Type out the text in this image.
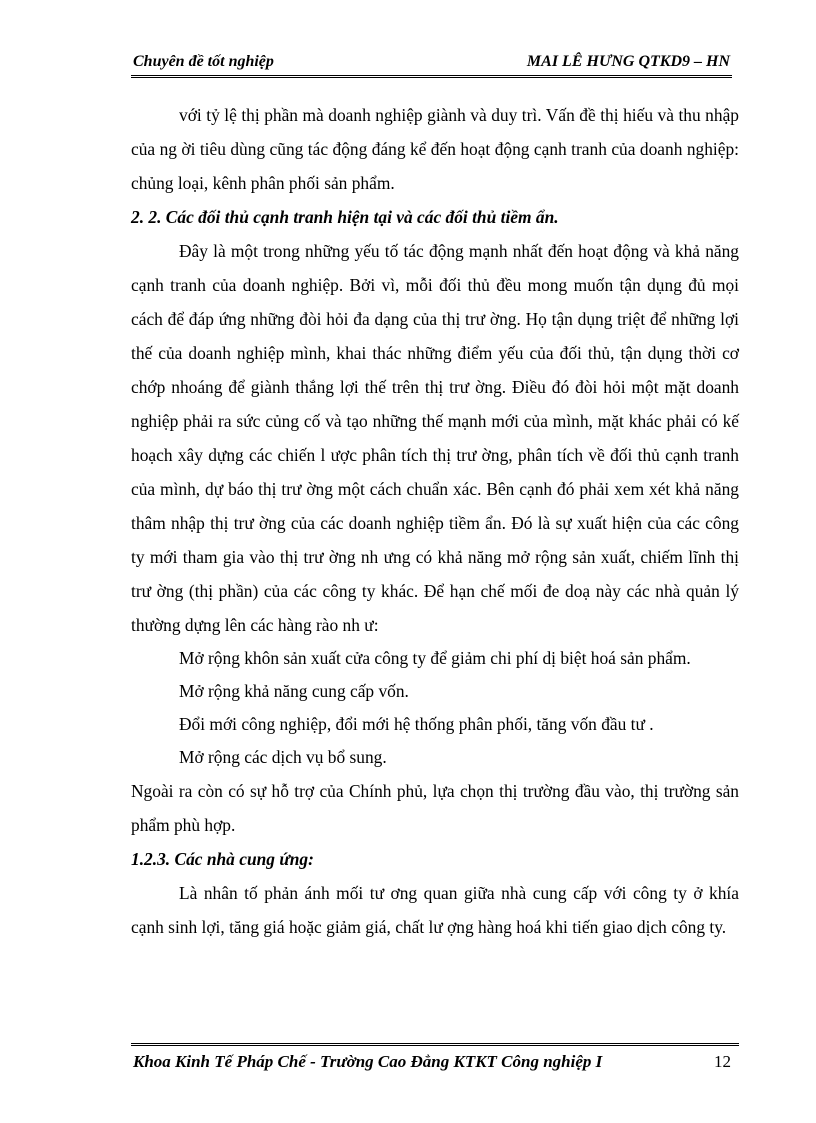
Chuyên đề tốt nghiệp	MAI LÊ HƯNG QTKD9 – HN

với tỷ lệ thị phần mà doanh nghiệp giành và duy trì. Vấn đề thị hiếu và thu nhập của ng ời tiêu dùng cũng tác động đáng kể đến hoạt động cạnh tranh của doanh nghiệp: chủng loại, kênh phân phối sản phẩm.

2. 2. Các đối thủ cạnh tranh hiện tại và các đối thủ tiềm ẩn.

Đây là một trong những yếu tố tác động mạnh nhất đến hoạt động và khả năng cạnh tranh của doanh nghiệp. Bởi vì, mỗi đối thủ đều mong muốn tận dụng đủ mọi cách để đáp ứng những đòi hỏi đa dạng của thị trư ờng. Họ tận dụng triệt để những lợi thế của doanh nghiệp mình, khai thác những điểm yếu của đối thủ, tận dụng thời cơ chớp nhoáng để giành thắng lợi thế trên thị trư ờng. Điều đó đòi hỏi một mặt doanh nghiệp phải ra sức củng cố và tạo những thế mạnh mới của mình, mặt khác phải có kế hoạch xây dựng các chiến l ược phân tích thị trư ờng, phân tích về đối thủ cạnh tranh của mình, dự báo thị trư ờng một cách chuẩn xác. Bên cạnh đó phải xem xét khả năng thâm nhập thị trư ờng của các doanh nghiệp tiềm ẩn. Đó là sự xuất hiện của các công ty mới tham gia vào thị trư ờng nh ưng có khả năng mở rộng sản xuất, chiếm lĩnh thị trư ờng (thị phần) của các công ty khác. Để hạn chế mối đe doạ này các nhà quản lý thường dựng lên các hàng rào nh ư:

Mở rộng khôn sản xuất cửa công ty để giảm chi phí dị biệt hoá sản phẩm.

Mở rộng khả năng cung cấp vốn.

Đổi mới công nghiệp, đổi mới hệ thống phân phối, tăng vốn đầu tư .

Mở rộng các dịch vụ bổ sung.

Ngoài ra còn có sự hỗ trợ của Chính phủ, lựa chọn thị trường đầu vào, thị trường sản phẩm phù hợp.

1.2.3. Các nhà cung ứng:

Là nhân tố phản ánh mối tư ơng quan giữa nhà cung cấp với công ty ở khía cạnh sinh lợi, tăng giá hoặc giảm giá, chất lư ợng hàng hoá khi tiến giao dịch công ty.

Khoa Kinh Tế Pháp Chế - Trường Cao Đẳng KTKT Công nghiệp I	12
